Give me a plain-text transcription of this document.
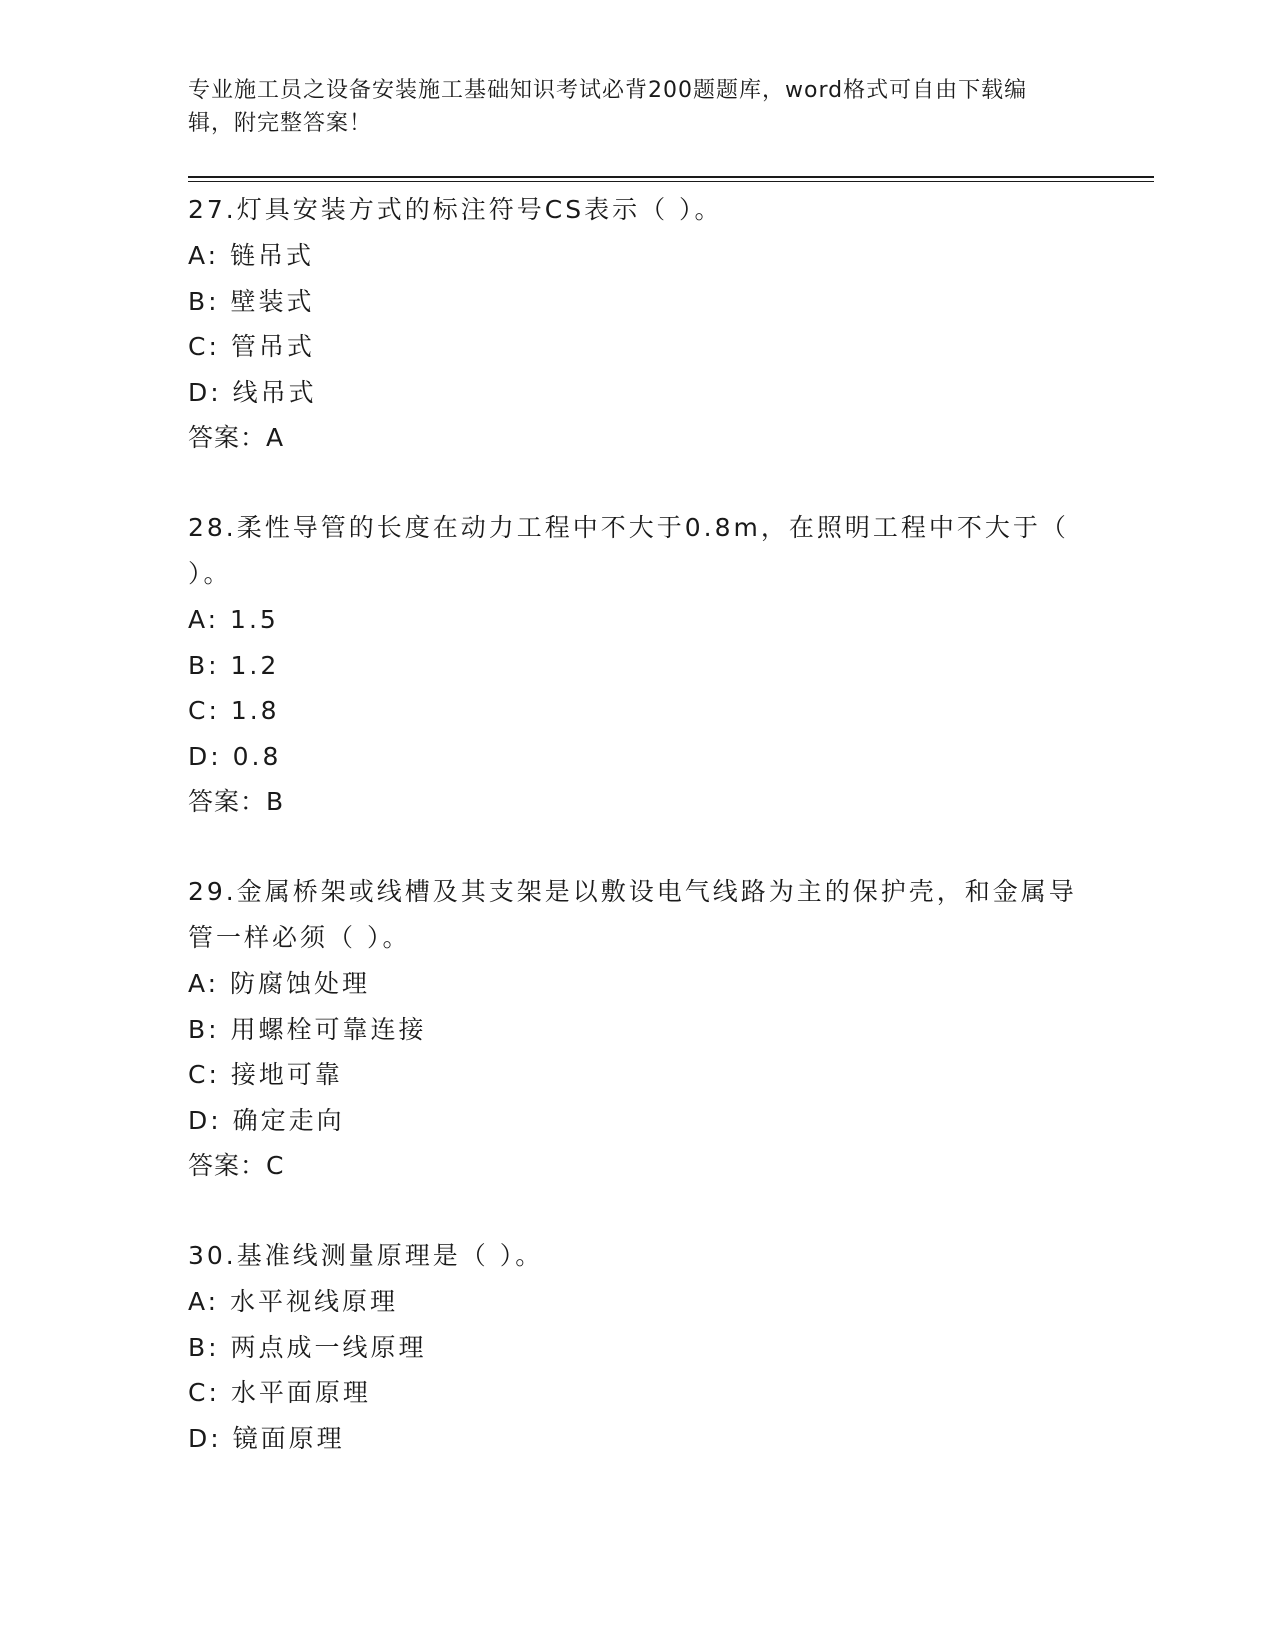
专业施工员之设备安装施工基础知识考试必背200题题库，word格式可自由下载编辑，附完整答案！
27.灯具安装方式的标注符号CS表示（ ）。
A: 链吊式
B: 壁装式
C: 管吊式
D: 线吊式
答案：A
28.柔性导管的长度在动力工程中不大于0.8m，在照明工程中不大于（ ）。
A: 1.5
B: 1.2
C: 1.8
D: 0.8
答案：B
29.金属桥架或线槽及其支架是以敷设电气线路为主的保护壳，和金属导管一样必须（ ）。
A: 防腐蚀处理
B: 用螺栓可靠连接
C: 接地可靠
D: 确定走向
答案：C
30.基准线测量原理是（ ）。
A: 水平视线原理
B: 两点成一线原理
C: 水平面原理
D: 镜面原理
